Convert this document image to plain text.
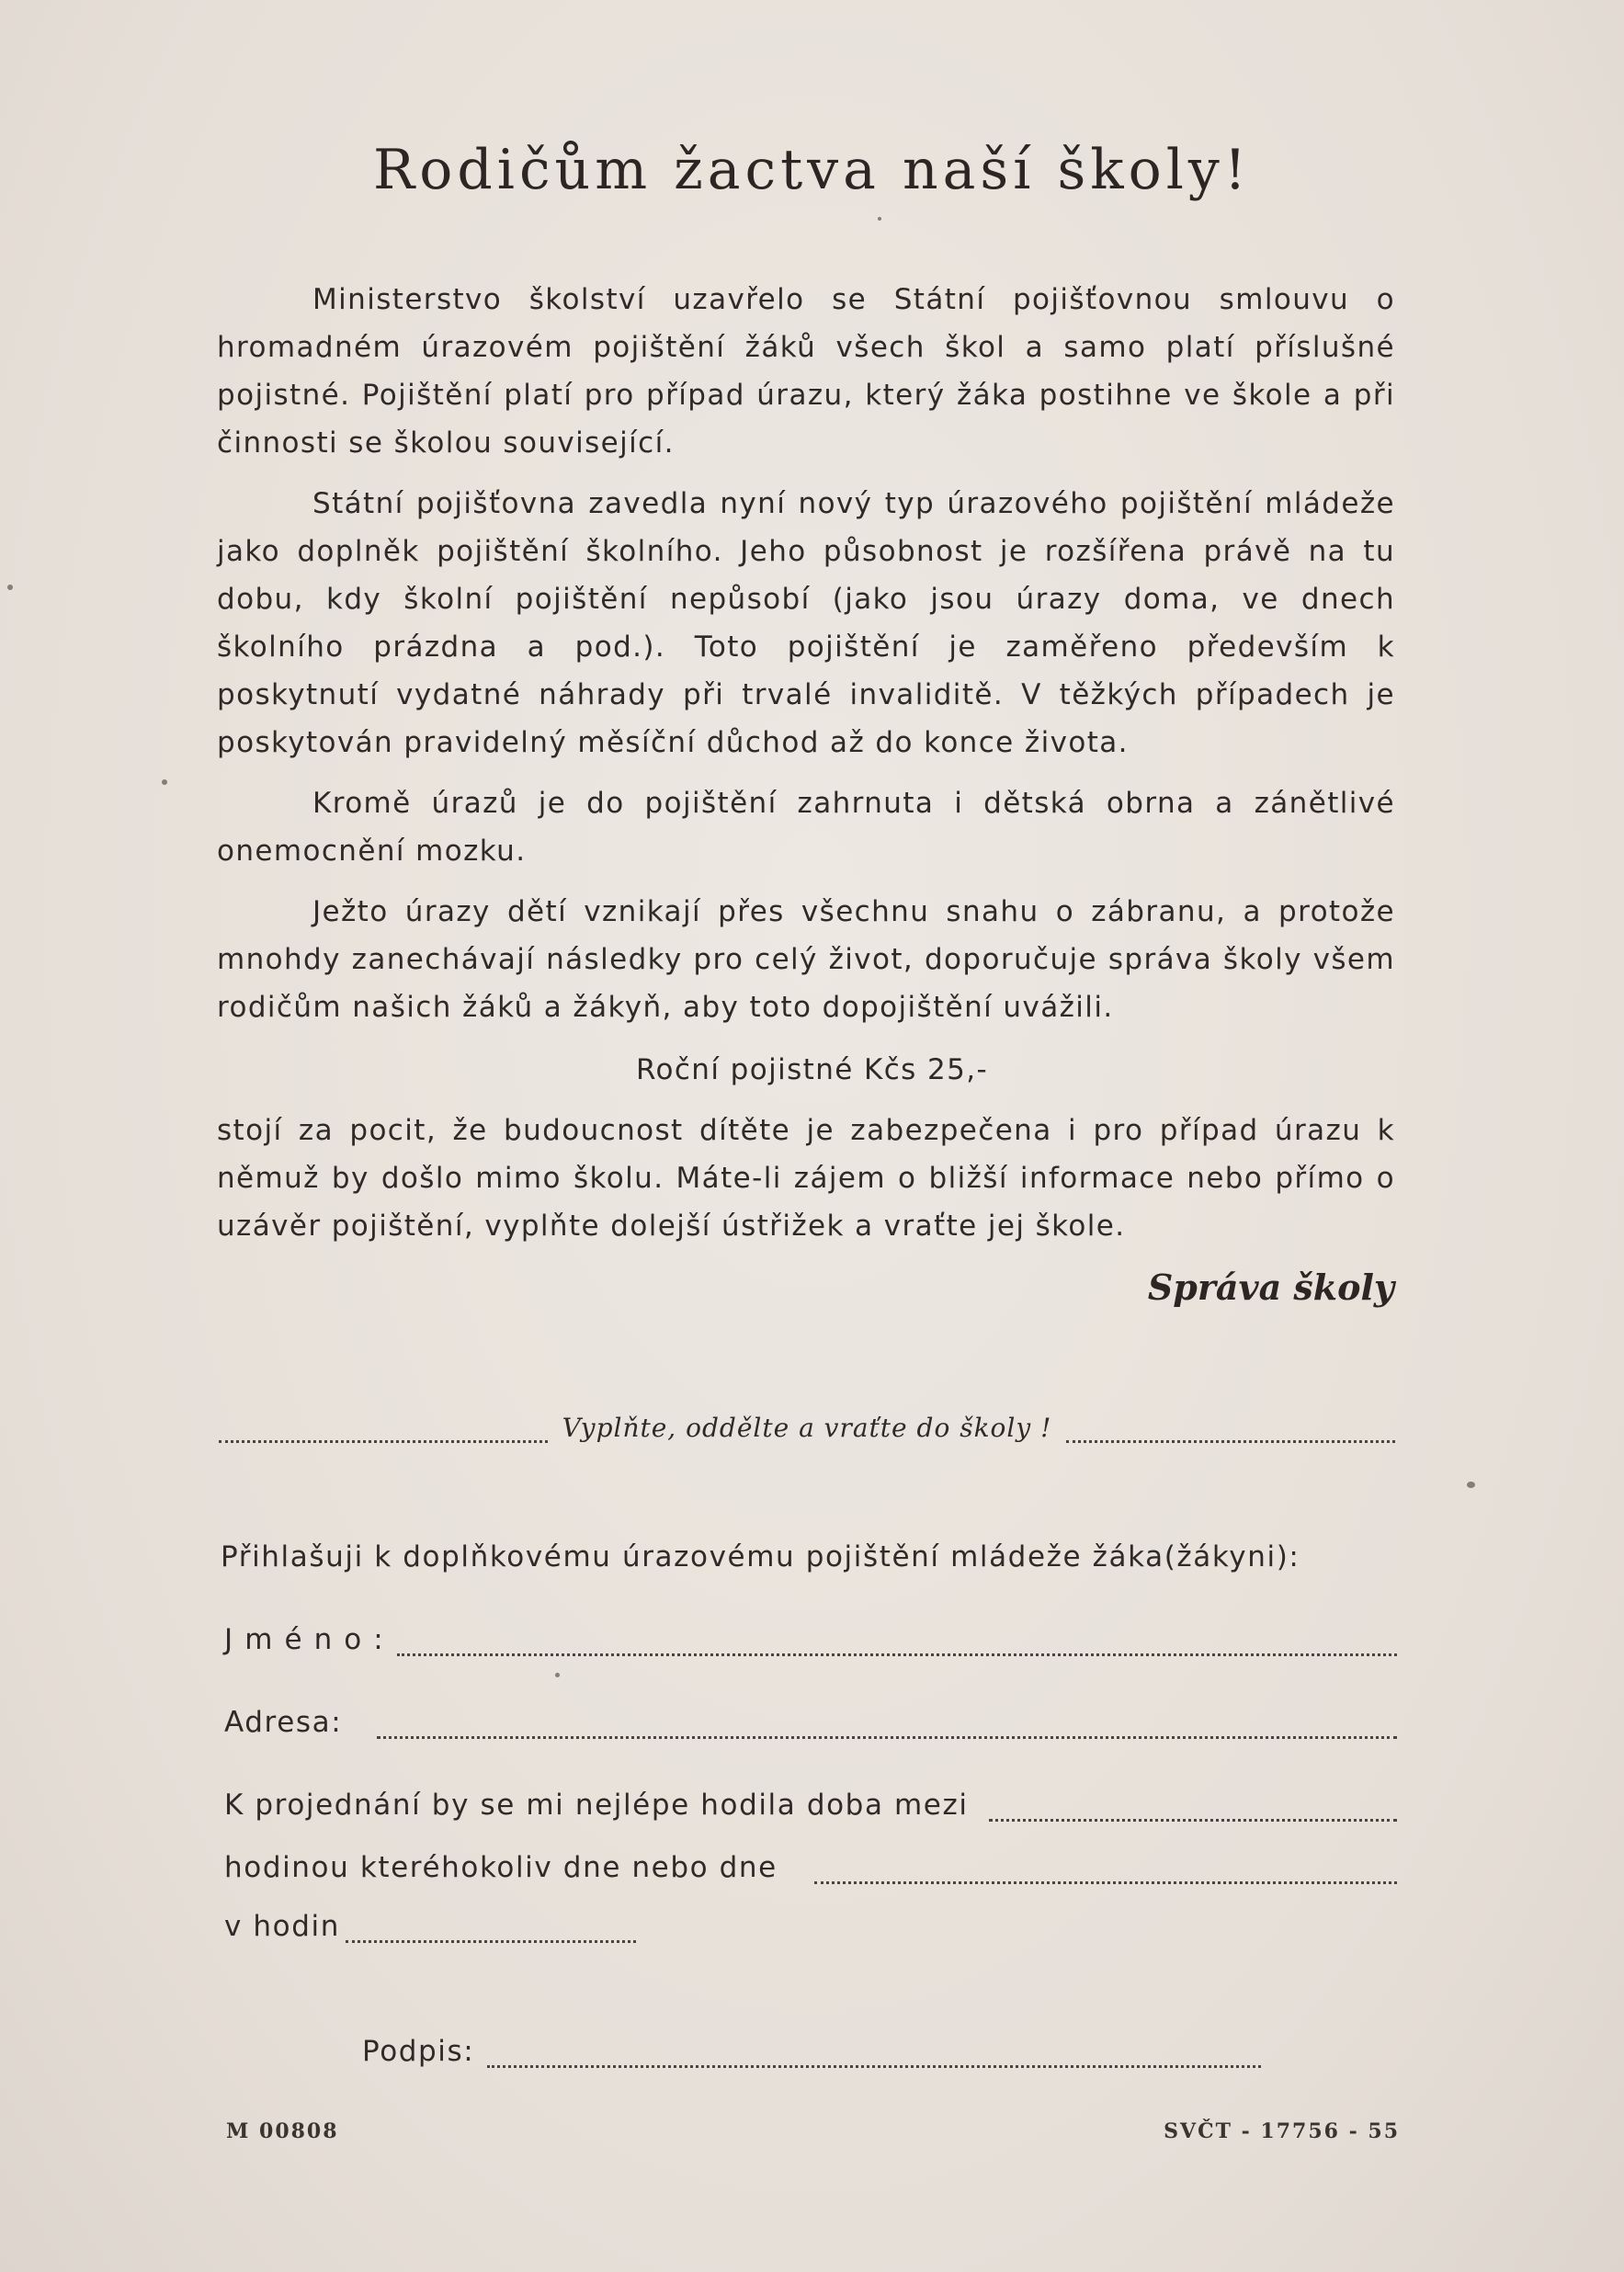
Rodičům žactva naší školy!

Ministerstvo školství uzavřelo se Státní pojišťovnou smlouvu o hromadném úrazovém pojištění žáků všech škol a samo platí příslušné pojistné. Pojištění platí pro případ úrazu, který žáka postihne ve škole a při činnosti se školou související.

Státní pojišťovna zavedla nyní nový typ úrazového pojištění mládeže jako doplněk pojištění školního. Jeho působnost je rozšířena právě na tu dobu, kdy školní pojištění nepůsobí (jako jsou úrazy doma, ve dnech školního prázdna a pod.). Toto pojištění je zaměřeno především k poskytnutí vydatné náhrady při trvalé invaliditě. V těžkých případech je poskytován pravidelný měsíční důchod až do konce života.

Kromě úrazů je do pojištění zahrnuta i dětská obrna a zánětlivé onemocnění mozku.

Ježto úrazy dětí vznikají přes všechnu snahu o zábranu, a protože mnohdy zanechávají následky pro celý život, doporučuje správa školy všem rodičům našich žáků a žákyň, aby toto dopojištění uvážili.

Roční pojistné Kčs 25,-

stojí za pocit, že budoucnost dítěte je zabezpečena i pro případ úrazu k němuž by došlo mimo školu. Máte-li zájem o bližší informace nebo přímo o uzávěr pojištění, vyplňte dolejší ústřižek a vraťte jej škole.

Správa školy
Vyplňte, oddělte a vraťte do školy !
Přihlašuji k doplňkovému úrazovému pojištění mládeže žáka(žákyni):
J m é n o :
Adresa:
K projednání by se mi nejlépe hodila doba mezi
hodinou kteréhokoliv dne nebo dne
v hodin
Podpis:
M 00808	SVČT - 17756 - 55
